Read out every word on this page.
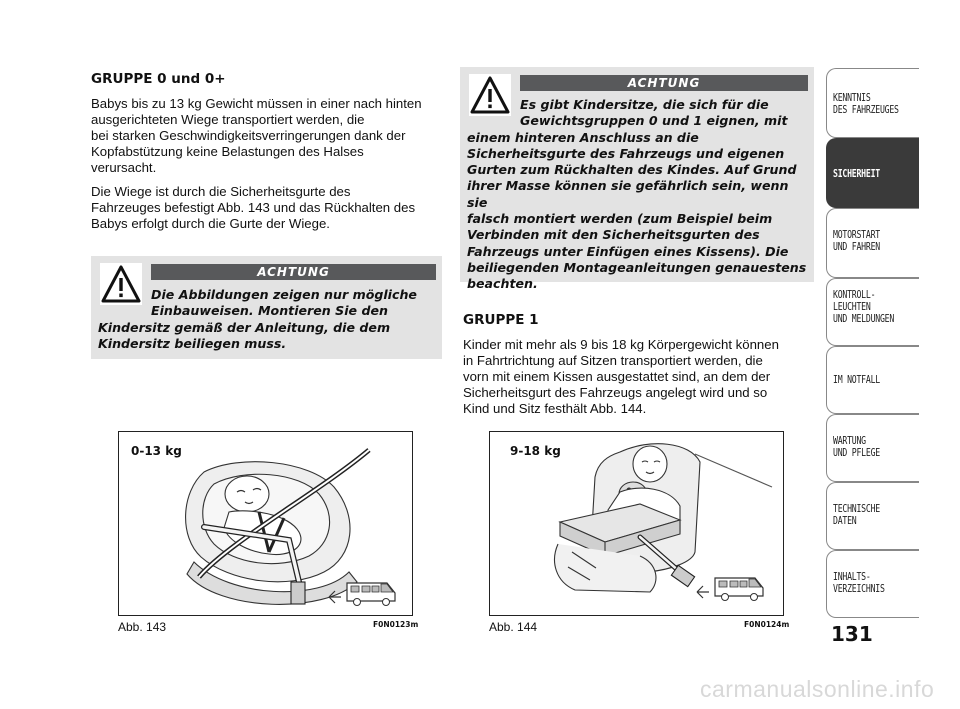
GRUPPE 0 und 0+

Babys bis zu 13 kg Gewicht müssen in einer nach hinten
ausgerichteten Wiege transportiert werden, die
bei starken Geschwindigkeitsverringerungen dank der
Kopfabstützung keine Belastungen des Halses
verursacht.

Die Wiege ist durch die Sicherheitsgurte des
Fahrzeuges befestigt Abb. 143 und das Rückhalten des
Babys erfolgt durch die Gurte der Wiege.

ACHTUNG
Die Abbildungen zeigen nur mögliche
Einbauweisen. Montieren Sie den
Kindersitz gemäß der Anleitung, die dem
Kindersitz beiliegen muss.
ACHTUNG
Es gibt Kindersitze, die sich für die
Gewichtsgruppen 0 und 1 eignen, mit
einem hinteren Anschluss an die
Sicherheitsgurte des Fahrzeugs und eigenen
Gurten zum Rückhalten des Kindes. Auf Grund
ihrer Masse können sie gefährlich sein, wenn sie
falsch montiert werden (zum Beispiel beim
Verbinden mit den Sicherheitsgurten des
Fahrzeugs unter Einfügen eines Kissens). Die
beiliegenden Montageanleitungen genauestens
beachten.
GRUPPE 1

Kinder mit mehr als 9 bis 18 kg Körpergewicht können
in Fahrtrichtung auf Sitzen transportiert werden, die
vorn mit einem Kissen ausgestattet sind, an dem der
Sicherheitsgurt des Fahrzeugs angelegt wird und so
Kind und Sitz festhält Abb. 144.

0-13 kg
Abb. 143	F0N0123m
9-18 kg
Abb. 144	F0N0124m
KENNTNIS
DES FAHRZEUGES
SICHERHEIT
MOTORSTART
UND FAHREN
KONTROLL-
LEUCHTEN
UND MELDUNGEN
IM NOTFALL
WARTUNG
UND PFLEGE
TECHNISCHE
DATEN
INHALTS-
VERZEICHNIS
131
carmanualsonline.info
